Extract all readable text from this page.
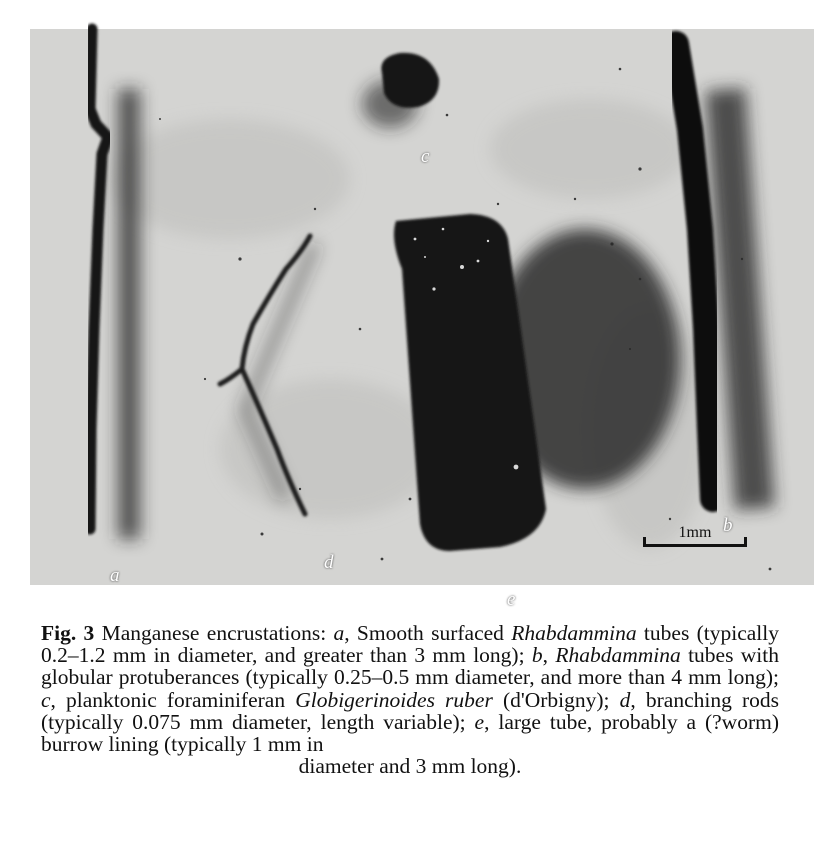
a
b
c
d
e
1mm
Fig. 3 Manganese encrustations: a, Smooth surfaced Rhabdammina tubes (typically 0.2–1.2 mm in diameter, and greater than 3 mm long); b, Rhabdammina tubes with globular protuberances (typically 0.25–0.5 mm diameter, and more than 4 mm long); c, planktonic foraminiferan Globigerinoides ruber (d'Orbigny); d, branching rods (typically 0.075 mm diameter, length variable); e, large tube, probably a (?worm) burrow lining (typically 1 mm in
diameter and 3 mm long).
